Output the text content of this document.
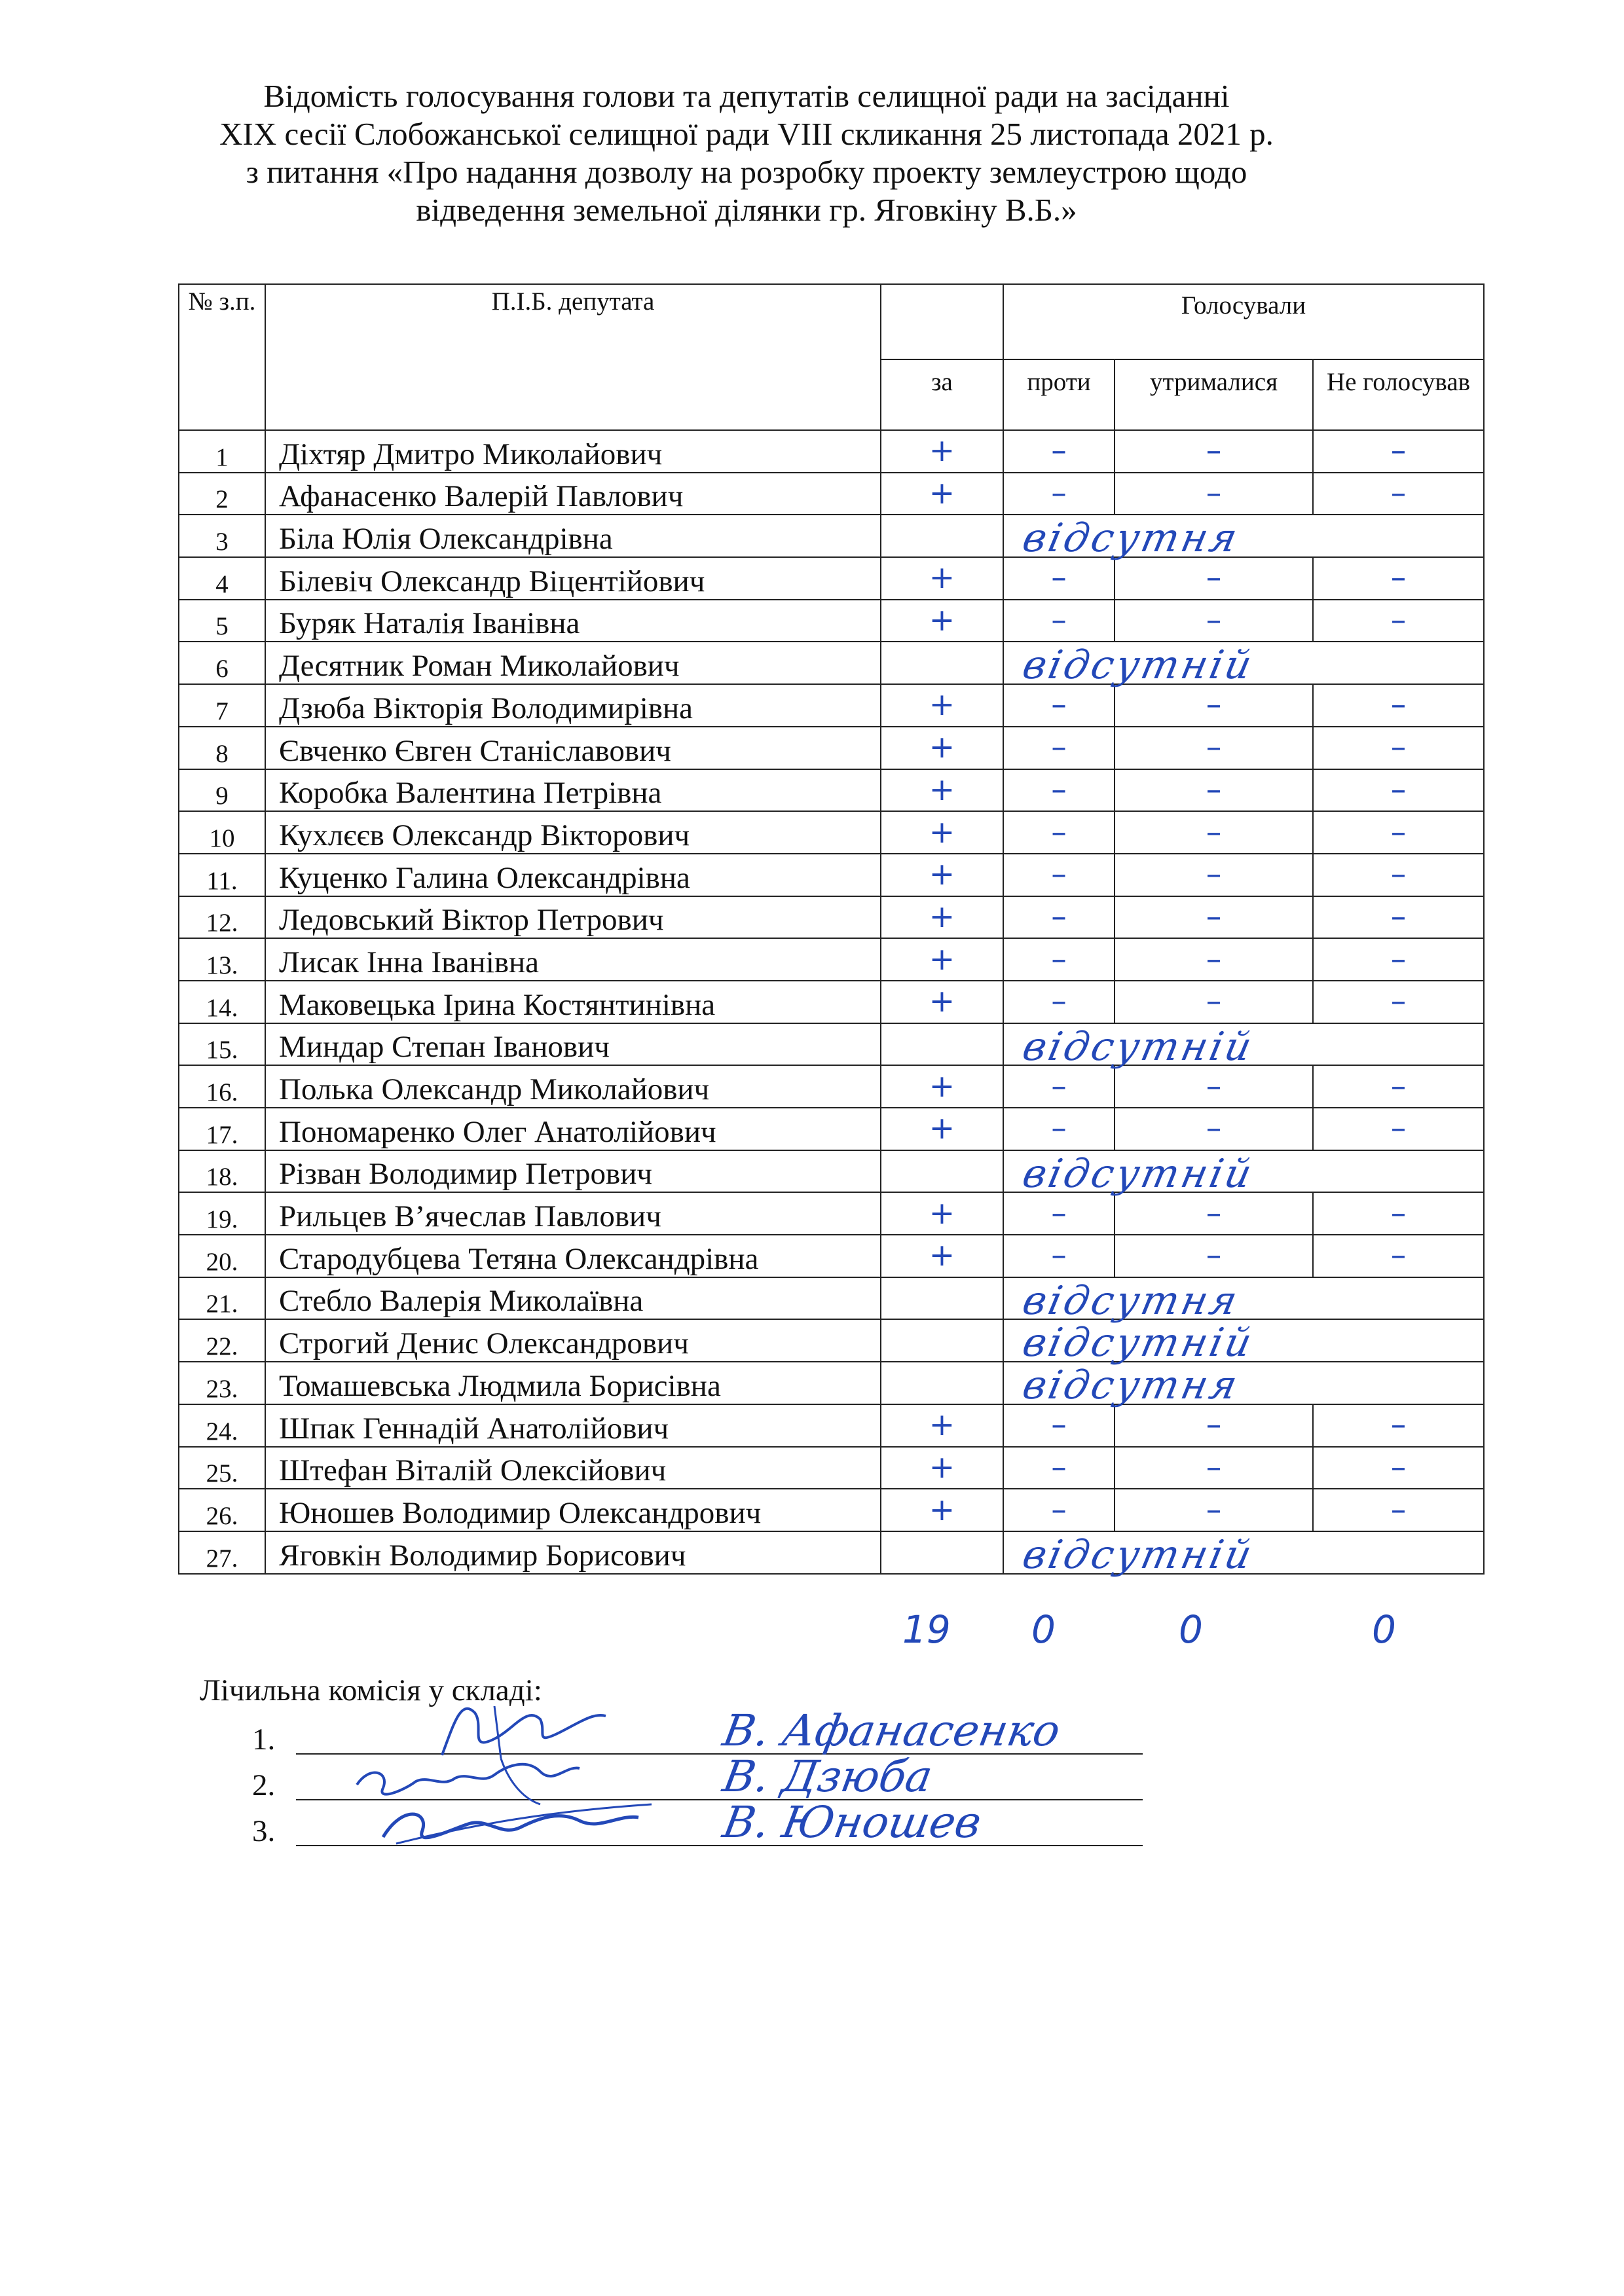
Відомість голосування голови та депутатів селищної ради на засіданні
XIX сесії Слобожанської селищної ради VIII скликання 25 листопада 2021 р.
з питання «Про надання дозволу на розробку проекту землеустрою щодо
відведення земельної ділянки гр. Яговкіну В.Б.»
№ з.п.	П.І.Б. депутата		Голосували			
		за	проти	утрималися	Не голосував	
1	Діхтяр Дмитро Миколайович	+	–	–	–	
2	Афанасенко Валерій Павлович	+	–	–	–	
3	Біла Юлія Олександрівна		відсутня			

4	Білевіч Олександр Віцентійович	+	–	–	–	
5	Буряк Наталія Іванівна	+	–	–	–	
6	Десятник Роман Миколайович		відсутній			

7	Дзюба Вікторія Володимирівна	+	–	–	–	
8	Євченко Євген Станіславович	+	–	–	–	
9	Коробка Валентина Петрівна	+	–	–	–	
10	Кухлєєв Олександр Вікторович	+	–	–	–	
11.	Куценко Галина Олександрівна	+	–	–	–	
12.	Ледовський Віктор Петрович	+	–	–	–	
13.	Лисак Інна Іванівна	+	–	–	–	
14.	Маковецька Ірина Костянтинівна	+	–	–	–	
15.	Миндар Степан Іванович		відсутній			

16.	Полька Олександр Миколайович	+	–	–	–	
17.	Пономаренко Олег Анатолійович	+	–	–	–	
18.	Різван Володимир Петрович		відсутній			

19.	Рильцев В’ячеслав Павлович	+	–	–	–	
20.	Стародубцева Тетяна Олександрівна	+	–	–	–	
21.	Стебло Валерія Миколаївна		відсутня			

22.	Строгий Денис Олександрович		відсутній			

23.	Томашевська Людмила Борисівна		відсутня			

24.	Шпак Геннадій Анатолійович	+	–	–	–	
25.	Штефан Віталій Олексійович	+	–	–	–	
26.	Юношев Володимир Олександрович	+	–	–	–	
27.	Яговкін Володимир Борисович		відсутній			

19 0	0	0
Лічильна комісія у складі:
1.	В. Афанасенко
2.	В. Дзюба
3.	В. Юношев
